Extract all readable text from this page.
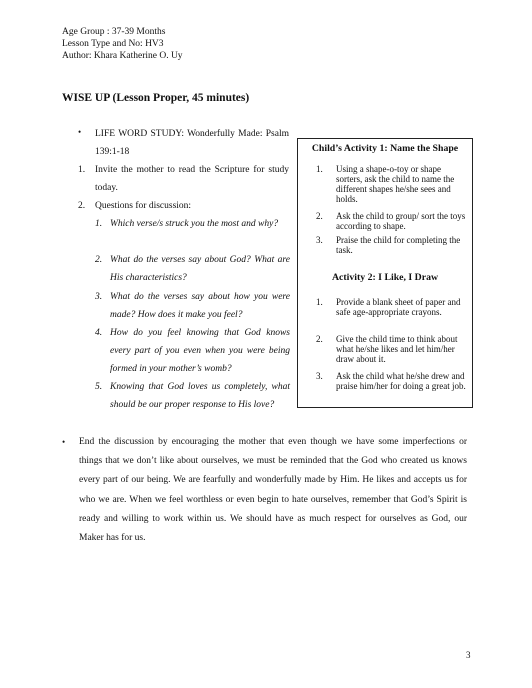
Age Group : 37-39 Months
Lesson Type and No: HV3
Author: Khara Katherine O. Uy
WISE UP (Lesson Proper, 45 minutes)
• LIFE WORD STUDY: Wonderfully Made: Psalm 139:1-18
1. Invite the mother to read the Scripture for study today.
2. Questions for discussion:
1. Which verse/s struck you the most and why?
2. What do the verses say about God? What are His characteristics?
3. What do the verses say about how you were made? How does it make you feel?
4. How do you feel knowing that God knows every part of you even when you were being formed in your mother’s womb?
5. Knowing that God loves us completely, what should be our proper response to His love?
Child’s Activity 1: Name the Shape
1. Using a shape-o-toy or shape sorters, ask the child to name the different shapes he/she sees and holds.
2. Ask the child to group/ sort the toys according to shape.
3. Praise the child for completing the task.
Activity 2: I Like, I Draw
1. Provide a blank sheet of paper and safe age-appropriate crayons.
2. Give the child time to think about what he/she likes and let him/her draw about it.
3. Ask the child what he/she drew and praise him/her for doing a great job.
• End the discussion by encouraging the mother that even though we have some imperfections or things that we don’t like about ourselves, we must be reminded that the God who created us knows every part of our being. We are fearfully and wonderfully made by Him. He likes and accepts us for who we are. When we feel worthless or even begin to hate ourselves, remember that God’s Spirit is ready and willing to work within us. We should have as much respect for ourselves as God, our Maker has for us.
3
